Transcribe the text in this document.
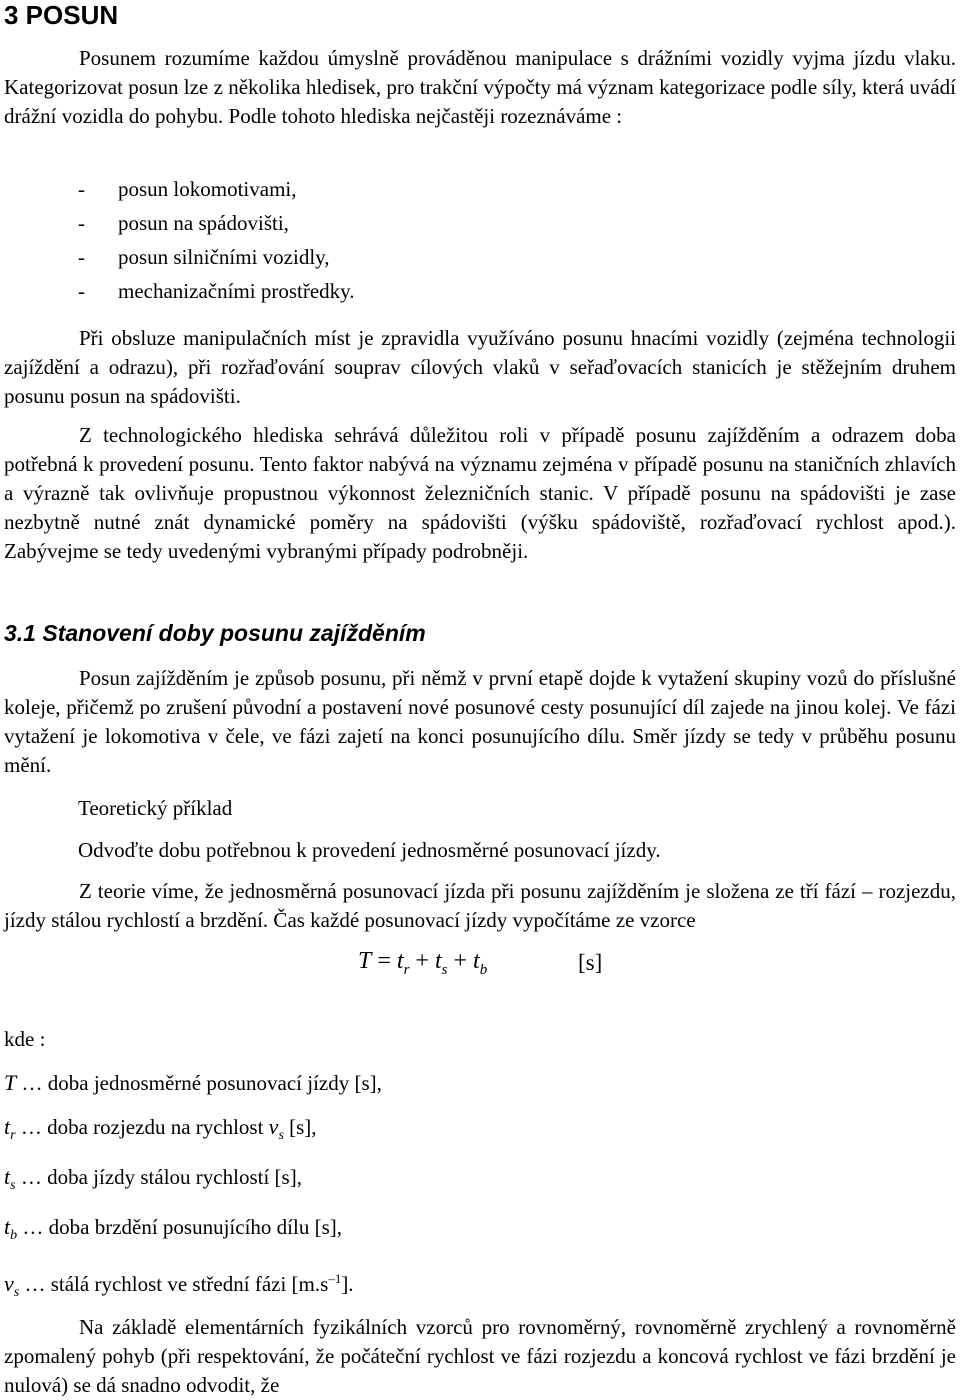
3 POSUN

Posunem rozumíme každou úmyslně prováděnou manipulace s drážními vozidly vyjma jízdu vlaku. Kategorizovat posun lze z několika hledisek, pro trakční výpočty má význam kategorizace podle síly, která uvádí drážní vozidla do pohybu. Podle tohoto hlediska nejčastěji rozeznáváme :

-	posun lokomotivami,
-	posun na spádovišti,
-	posun silničními vozidly,
-	mechanizačními prostředky.

Při obsluze manipulačních míst je zpravidla využíváno posunu hnacími vozidly (zejména technologii zajíždění a odrazu), při rozřaďování souprav cílových vlaků v seřaďovacích stanicích je stěžejním druhem posunu posun na spádovišti.

Z technologického hlediska sehrává důležitou roli v případě posunu zajížděním a odrazem doba potřebná k provedení posunu. Tento faktor nabývá na významu zejména v případě posunu na staničních zhlavích a výrazně tak ovlivňuje propustnou výkonnost železničních stanic. V případě posunu na spádovišti je zase nezbytně nutné znát dynamické poměry na spádovišti (výšku spádoviště, rozřaďovací rychlost apod.). Zabývejme se tedy uvedenými vybranými případy podrobněji.

3.1 Stanovení doby posunu zajížděním

Posun zajížděním je způsob posunu, při němž v první etapě dojde k vytažení skupiny vozů do příslušné koleje, přičemž po zrušení původní a postavení nové posunové cesty posunující díl zajede na jinou kolej. Ve fázi vytažení je lokomotiva v čele, ve fázi zajetí na konci posunujícího dílu. Směr jízdy se tedy v průběhu posunu mění.

Teoretický příklad

Odvoďte dobu potřebnou k provedení jednosměrné posunovací jízdy.

Z teorie víme, že jednosměrná posunovací jízda při posunu zajížděním je složena ze tří fází – rozjezdu, jízdy stálou rychlostí a brzdění. Čas každé posunovací jízdy vypočítáme ze vzorce

$T = t_r + t_s + t_b$	[s]
kde :

T … doba jednosměrné posunovací jízdy [s],

$t_r$ … doba rozjezdu na rychlost $v_s$ [s],

$t_s$ … doba jízdy stálou rychlostí [s],

$t_b$ … doba brzdění posunujícího dílu [s],

$v_s$ … stálá rychlost ve střední fázi $[m.s^{-1}]$.

Na základě elementárních fyzikálních vzorců pro rovnoměrný, rovnoměrně zrychlený a rovnoměrně zpomalený pohyb (při respektování, že počáteční rychlost ve fázi rozjezdu a koncová rychlost ve fázi brzdění je nulová) se dá snadno odvodit, že
